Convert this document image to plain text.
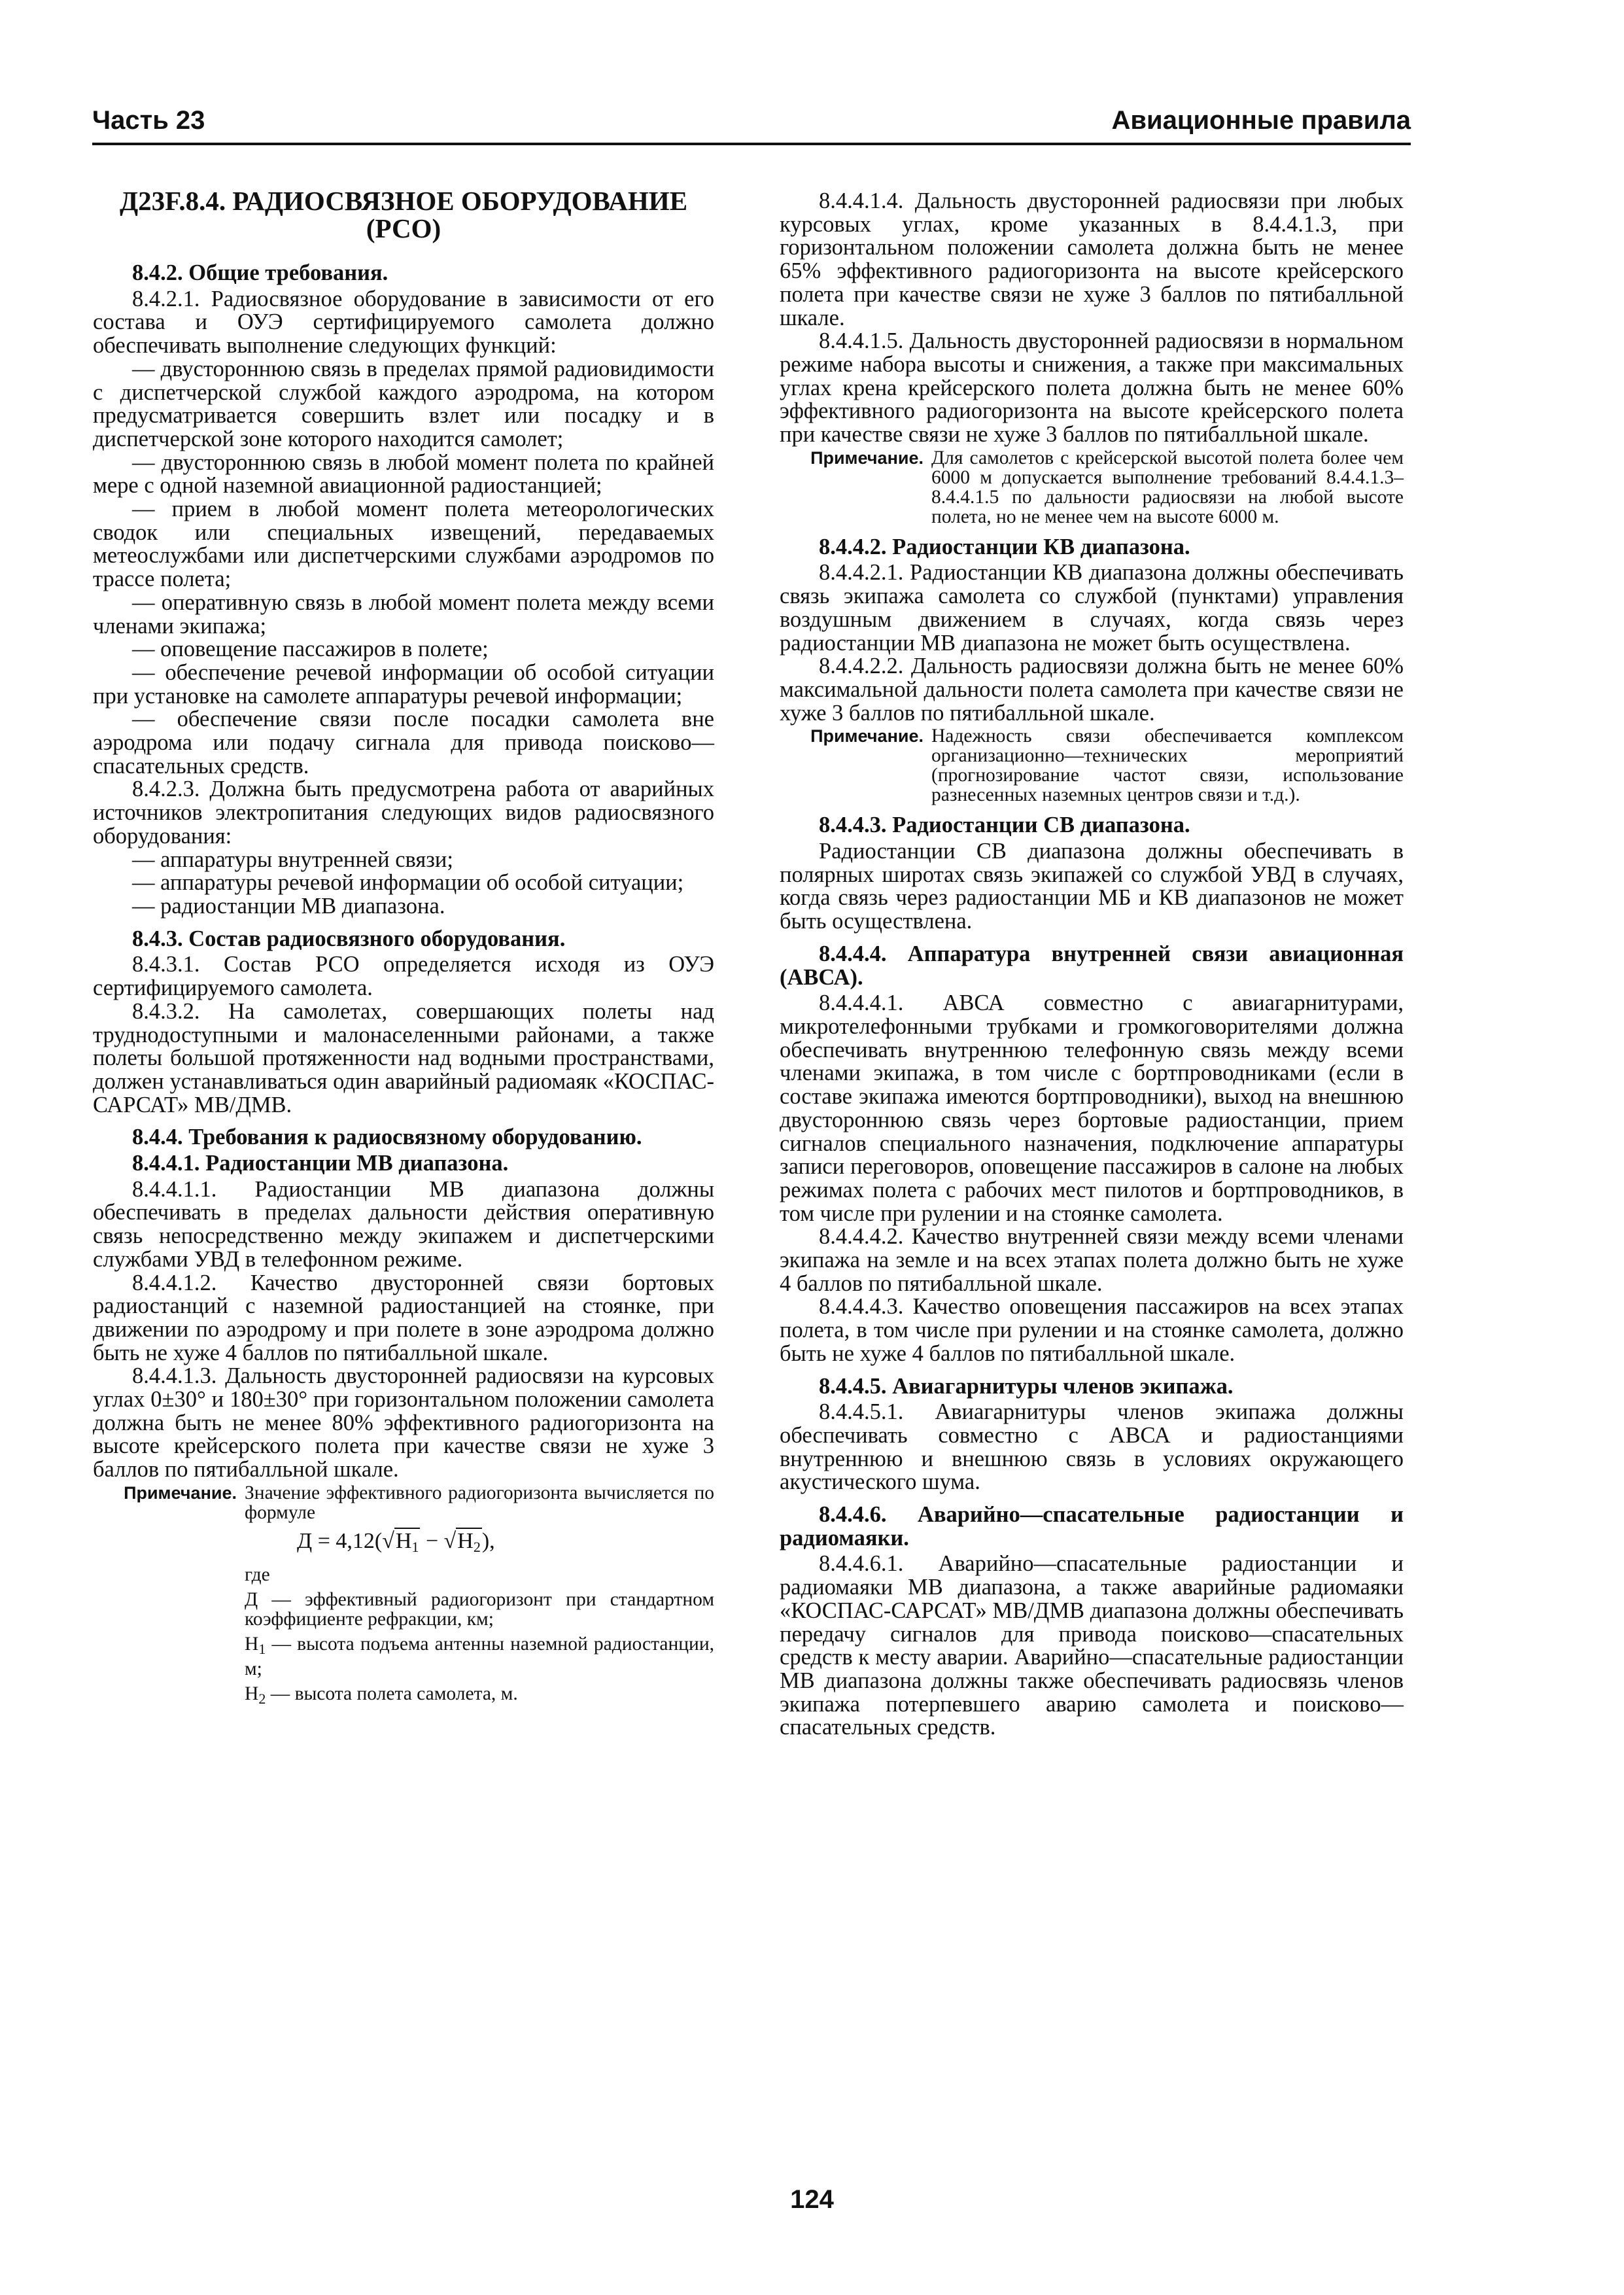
Часть 23	Авиационные правила

Д23F.8.4. РАДИОСВЯЗНОЕ ОБОРУДОВАНИЕ (РСО)

8.4.2. Общие требования.

8.4.2.1. Радиосвязное оборудование в зависимости от его состава и ОУЭ сертифицируемого самолета должно обеспечивать выполнение следующих функций:

— двустороннюю связь в пределах прямой радиовидимости с диспетчерской службой каждого аэродрома, на котором предусматривается совершить взлет или посадку и в диспетчерской зоне которого находится самолет;

— двустороннюю связь в любой момент полета по крайней мере с одной наземной авиационной радиостанцией;

— прием в любой момент полета метеорологических сводок или специальных извещений, передаваемых метеослужбами или диспетчерскими службами аэродромов по трассе полета;

— оперативную связь в любой момент полета между всеми членами экипажа;

— оповещение пассажиров в полете;

— обеспечение речевой информации об особой ситуации при установке на самолете аппаратуры речевой информации;

— обеспечение связи после посадки самолета вне аэродрома или подачу сигнала для привода поисково—спасательных средств.

8.4.2.3. Должна быть предусмотрена работа от аварийных источников электропитания следующих видов радиосвязного оборудования:

— аппаратуры внутренней связи;

— аппаратуры речевой информации об особой ситуации;

— радиостанции МВ диапазона.

8.4.3. Состав радиосвязного оборудования.

8.4.3.1. Состав РСО определяется исходя из ОУЭ сертифицируемого самолета.

8.4.3.2. На самолетах, совершающих полеты над труднодоступными и малонаселенными районами, а также полеты большой протяженности над водными пространствами, должен устанавливаться один аварийный радиомаяк «КОСПАС-САРСАТ» МВ/ДМВ.

8.4.4. Требования к радиосвязному оборудованию.

8.4.4.1. Радиостанции МВ диапазона.

8.4.4.1.1. Радиостанции МВ диапазона должны обеспечивать в пределах дальности действия оперативную связь непосредственно между экипажем и диспетчерскими службами УВД в телефонном режиме.

8.4.4.1.2. Качество двусторонней связи бортовых радиостанций с наземной радиостанцией на стоянке, при движении по аэродрому и при полете в зоне аэродрома должно быть не хуже 4 баллов по пятибалльной шкале.

8.4.4.1.3. Дальность двусторонней радиосвязи на курсовых углах 0±30° и 180±30° при горизонтальном положении самолета должна быть не менее 80% эффективного радиогоризонта на высоте крейсерского полета при качестве связи не хуже 3 баллов по пятибалльной шкале.

Примечание. Значение эффективного радиогоризонта вычисляется по формуле

$Д = 4,12(√H_1 - √H_2)$,

где

Д — эффективный радиогоризонт при стандартном коэффициенте рефракции, км;

$H_1$ — высота подъема антенны наземной радиостанции, м;

$H_2$ — высота полета самолета, м.

8.4.4.1.4. Дальность двусторонней радиосвязи при любых курсовых углах, кроме указанных в 8.4.4.1.3, при горизонтальном положении самолета должна быть не менее 65% эффективного радиогоризонта на высоте крейсерского полета при качестве связи не хуже 3 баллов по пятибалльной шкале.

8.4.4.1.5. Дальность двусторонней радиосвязи в нормальном режиме набора высоты и снижения, а также при максимальных углах крена крейсерского полета должна быть не менее 60% эффективного радиогоризонта на высоте крейсерского полета при качестве связи не хуже 3 баллов по пятибалльной шкале.

Примечание. Для самолетов с крейсерской высотой полета более чем 6000 м допускается выполнение требований 8.4.4.1.3–8.4.4.1.5 по дальности радиосвязи на любой высоте полета, но не менее чем на высоте 6000 м.

8.4.4.2. Радиостанции КВ диапазона.

8.4.4.2.1. Радиостанции КВ диапазона должны обеспечивать связь экипажа самолета со службой (пунктами) управления воздушным движением в случаях, когда связь через радиостанции МВ диапазона не может быть осуществлена.

8.4.4.2.2. Дальность радиосвязи должна быть не менее 60% максимальной дальности полета самолета при качестве связи не хуже 3 баллов по пятибалльной шкале.

Примечание. Надежность связи обеспечивается комплексом организационно—технических мероприятий (прогнозирование частот связи, использование разнесенных наземных центров связи и т.д.).

8.4.4.3. Радиостанции СВ диапазона.

Радиостанции СВ диапазона должны обеспечивать в полярных широтах связь экипажей со службой УВД в случаях, когда связь через радиостанции МБ и КВ диапазонов не может быть осуществлена.

8.4.4.4. Аппаратура внутренней связи авиационная (АВСА).

8.4.4.4.1. АВСА совместно с авиагарнитурами, микротелефонными трубками и громкоговорителями должна обеспечивать внутреннюю телефонную связь между всеми членами экипажа, в том числе с бортпроводниками (если в составе экипажа имеются бортпроводники), выход на внешнюю двустороннюю связь через бортовые радиостанции, прием сигналов специального назначения, подключение аппаратуры записи переговоров, оповещение пассажиров в салоне на любых режимах полета с рабочих мест пилотов и бортпроводников, в том числе при рулении и на стоянке самолета.

8.4.4.4.2. Качество внутренней связи между всеми членами экипажа на земле и на всех этапах полета должно быть не хуже 4 баллов по пятибалльной шкале.

8.4.4.4.3. Качество оповещения пассажиров на всех этапах полета, в том числе при рулении и на стоянке самолета, должно быть не хуже 4 баллов по пятибалльной шкале.

8.4.4.5. Авиагарнитуры членов экипажа.

8.4.4.5.1. Авиагарнитуры членов экипажа должны обеспечивать совместно с АВСА и радиостанциями внутреннюю и внешнюю связь в условиях окружающего акустического шума.

8.4.4.6. Аварийно—спасательные радиостанции и радиомаяки.

8.4.4.6.1. Аварийно—спасательные радиостанции и радиомаяки МВ диапазона, а также аварийные радиомаяки «КОСПАС-САРСАТ» МВ/ДМВ диапазона должны обеспечивать передачу сигналов для привода поисково—спасательных средств к месту аварии. Аварийно—спасательные радиостанции МВ диапазона должны также обеспечивать радиосвязь членов экипажа потерпевшего аварию самолета и поисково—спасательных средств.

124
